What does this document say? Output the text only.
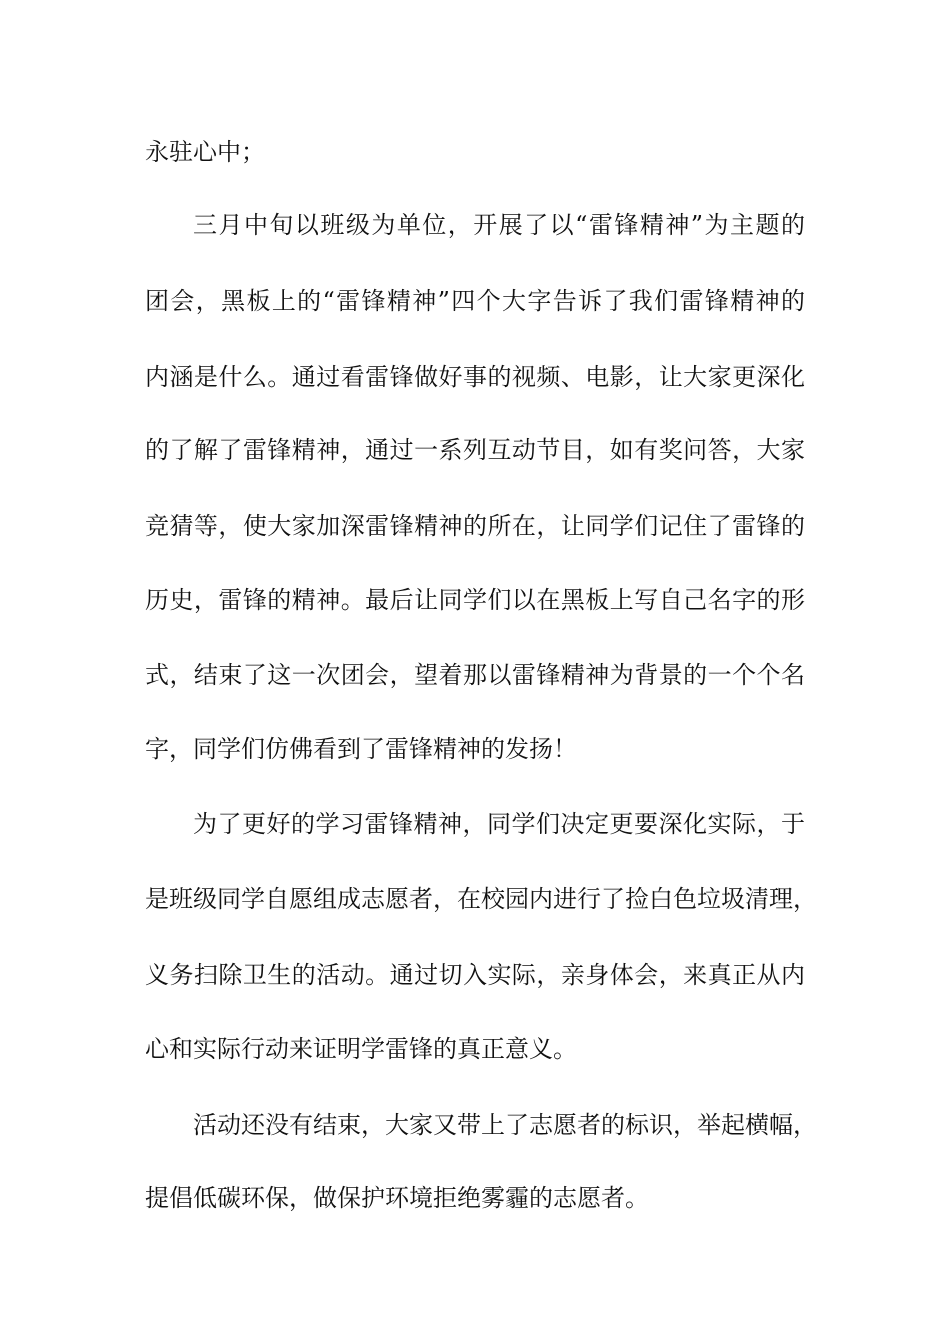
永驻心中；
三月中旬以班级为单位，开展了以“雷锋精神”为主题的
团会，黑板上的“雷锋精神”四个大字告诉了我们雷锋精神的
内涵是什么。通过看雷锋做好事的视频、电影，让大家更深化
的了解了雷锋精神，通过一系列互动节目，如有奖问答，大家
竞猜等，使大家加深雷锋精神的所在，让同学们记住了雷锋的
历史，雷锋的精神。最后让同学们以在黑板上写自己名字的形
式，结束了这一次团会，望着那以雷锋精神为背景的一个个名
字，同学们仿佛看到了雷锋精神的发扬！
为了更好的学习雷锋精神，同学们决定更要深化实际，于
是班级同学自愿组成志愿者，在校园内进行了捡白色垃圾清理，
义务扫除卫生的活动。通过切入实际，亲身体会，来真正从内
心和实际行动来证明学雷锋的真正意义。
活动还没有结束，大家又带上了志愿者的标识，举起横幅，
提倡低碳环保，做保护环境拒绝雾霾的志愿者。
